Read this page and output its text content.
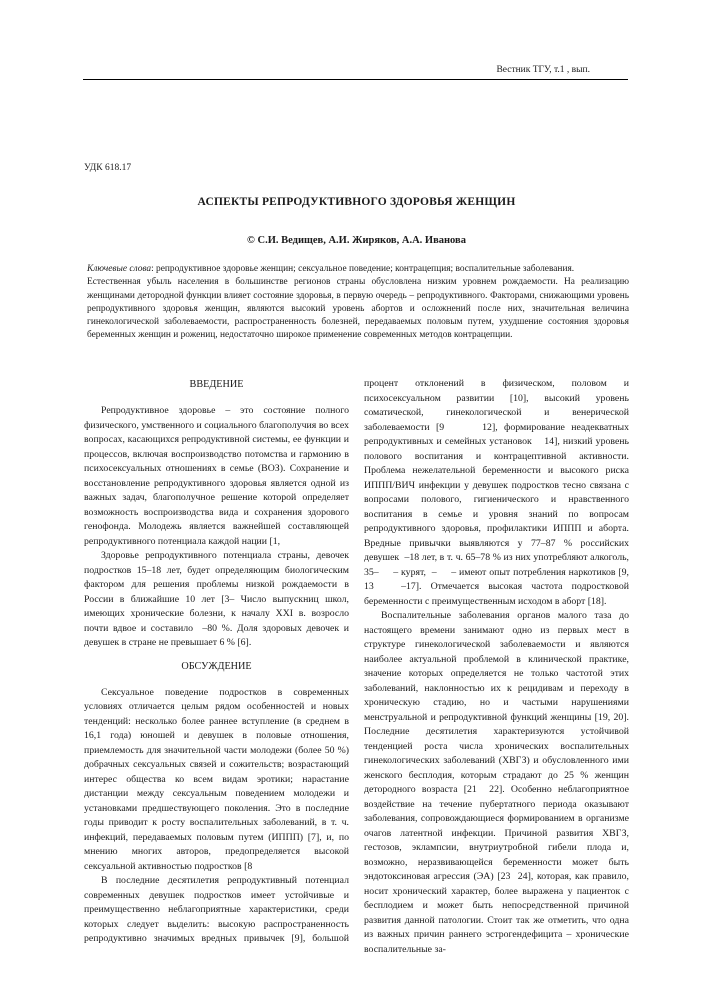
Вестник ТГУ, т.1 , вып.
УДК 618.17
АСПЕКТЫ РЕПРОДУКТИВНОГО ЗДОРОВЬЯ ЖЕНЩИН
© С.И. Ведищев, А.И. Жиряков, А.А. Иванова

Ключевые слова: репродуктивное здоровье женщин; сексуальное поведение; контрацепция; воспалительные заболевания.

Естественная убыль населения в большинстве регионов страны обусловлена низким уровнем рождаемости. На реализацию женщинами детородной функции влияет состояние здоровья, в первую очередь – репродуктивного. Факторами, снижающими уровень репродуктивного здоровья женщин, являются высокий уровень абортов и осложнений после них, значительная величина гинекологической заболеваемости, распространенность болезней, передаваемых половым путем, ухудшение состояния здоровья беременных женщин и рожениц, недостаточно широкое применение современных методов контрацепции.

ВВЕДЕНИЕ

Репродуктивное здоровье – это состояние полного физического, умственного и социального благополучия во всех вопросах, касающихся репродуктивной системы, ее функции и процессов, включая воспроизводство потомства и гармонию в психосексуальных отношениях в семье (ВОЗ). Сохранение и восстановление репродуктивного здоровья является одной из важных задач, благополучное решение которой определяет возможность воспроизводства вида и сохранения здорового генофонда. Молодежь является важнейшей составляющей репродуктивного потенциала каждой нации [1,

Здоровье репродуктивного потенциала страны, девочек подростков 15–18 лет, будет определяющим биологическим фактором для решения проблемы низкой рождаемости в России в ближайшие 10 лет [3– Число выпускниц школ, имеющих хронические болезни, к началу XXI в. возросло почти вдвое и составило  –80 %. Доля здоровых девочек и девушек в стране не превышает 6 % [6].

ОБСУЖДЕНИЕ

Сексуальное поведение подростков в современных условиях отличается целым рядом особенностей и новых тенденций: несколько более раннее вступление (в среднем в 16,1 года) юношей и девушек в половые отношения, приемлемость для значительной части молодежи (более 50 %) добрачных сексуальных связей и сожительств; возрастающий интерес общества ко всем видам эротики; нарастание дистанции между сексуальным поведением молодежи и установками предшествующего поколения. Это в последние годы приводит к росту воспалительных заболеваний, в т. ч. инфекций, передаваемых половым путем (ИППП) [7], и, по мнению многих авторов, предопределяется высокой сексуальной активностью подростков [8

В последние десятилетия репродуктивный потенциал современных девушек подростков имеет устойчивые и преимущественно неблагоприятные характеристики, среди которых следует выделить: высокую распространенность репродуктивно значимых вредных привычек [9], большой процент отклонений в физическом, половом и психосексуальном развитии [10], высокий уровень соматической, гинекологической и венерической заболеваемости [9      12], формирование неадекватных репродуктивных и семейных установок    14], низкий уровень полового воспитания и контрацептивной активности. Проблема нежелательной беременности и высокого риска ИППП/ВИЧ инфекции у девушек подростков тесно связана с вопросами полового, гигиенического и нравственного воспитания в семье и уровня знаний по вопросам репродуктивного здоровья, профилактики ИППП и аборта. Вредные привычки выявляются у 77–87 % российских девушек  –18 лет, в т. ч. 65–78 % из них употребляют алкоголь, 35–     – курят,  –     – имеют опыт потребления наркотиков [9, 13   –17]. Отмечается высокая частота подростковой беременности с преимущественным исходом в аборт [18].

Воспалительные заболевания органов малого таза до настоящего времени занимают одно из первых мест в структуре гинекологической заболеваемости и являются наиболее актуальной проблемой в клинической практике, значение которых определяется не только частотой этих заболеваний, наклонностью их к рецидивам и переходу в хроническую стадию, но и частыми нарушениями менструальной и репродуктивной функций женщины [19, 20]. Последние десятилетия характеризуются устойчивой тенденцией роста числа хронических воспалительных гинекологических заболеваний (ХВГЗ) и обусловленного ими женского бесплодия, которым страдают до 25 % женщин детородного возраста [21  22]. Особенно неблагоприятное воздействие на течение пубертатного периода оказывают заболевания, сопровождающиеся формированием в организме очагов латентной инфекции. Причиной развития ХВГЗ, гестозов, эклампсии, внутриутробной гибели плода и, возможно, неразвивающейся беременности может быть эндотоксиновая агрессия (ЭА) [23  24], которая, как правило, носит хронический характер, более выражена у пациенток с бесплодием и может быть непосредственной причиной развития данной патологии. Стоит так же отметить, что одна из важных причин раннего эстрогендефицита – хронические воспалительные за-
